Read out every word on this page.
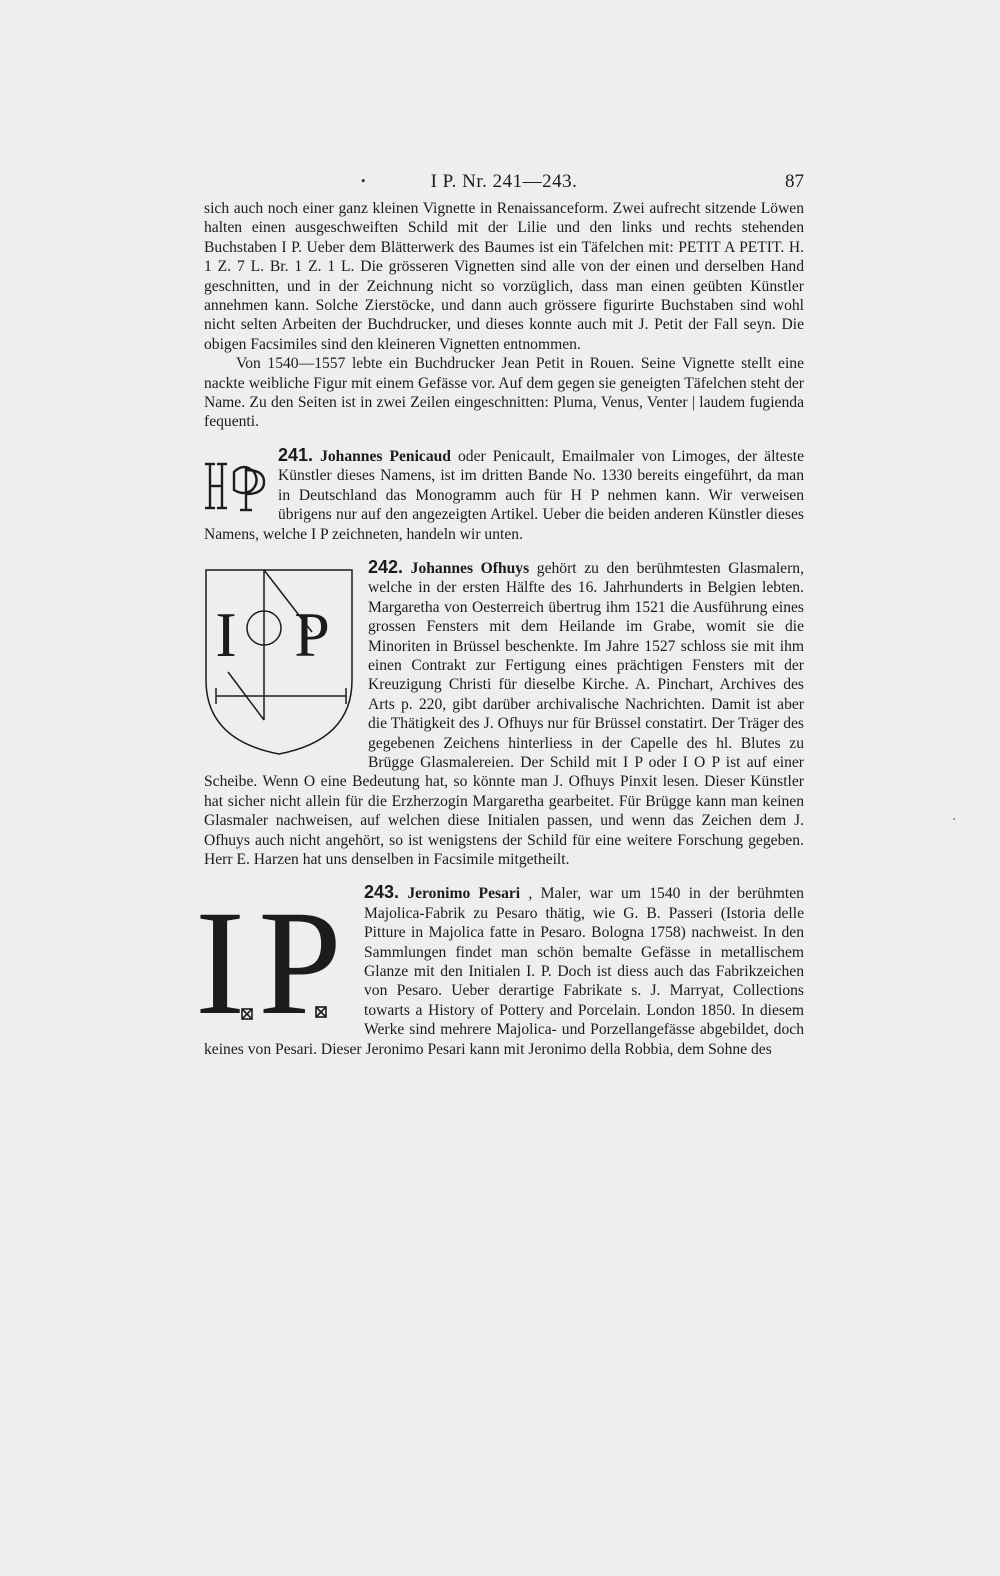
•	I P. Nr. 241—243.	87

sich auch noch einer ganz kleinen Vignette in Renaissanceform. Zwei aufrecht sitzende Löwen halten einen ausgeschweiften Schild mit der Lilie und den links und rechts stehenden Buchstaben I P. Ueber dem Blätterwerk des Baumes ist ein Täfelchen mit: PETIT A PETIT. H. 1 Z. 7 L. Br. 1 Z. 1 L. Die grösseren Vignetten sind alle von der einen und derselben Hand geschnitten, und in der Zeichnung nicht so vorzüglich, dass man einen geübten Künstler annehmen kann. Solche Zierstöcke, und dann auch grössere figurirte Buchstaben sind wohl nicht selten Arbeiten der Buchdrucker, und dieses konnte auch mit J. Petit der Fall seyn. Die obigen Facsimiles sind den kleineren Vignetten entnommen.

Von 1540—1557 lebte ein Buchdrucker Jean Petit in Rouen. Seine Vignette stellt eine nackte weibliche Figur mit einem Gefässe vor. Auf dem gegen sie geneigten Täfelchen steht der Name. Zu den Seiten ist in zwei Zeilen eingeschnitten: Pluma, Venus, Venter | laudem fugienda fequenti.

241. Johannes Penicaud oder Penicault, Emailmaler von Limoges, der älteste Künstler dieses Namens, ist im dritten Bande No. 1330 bereits eingeführt, da man in Deutschland das Monogramm auch für H P nehmen kann. Wir verweisen übrigens nur auf den angezeigten Artikel. Ueber die beiden anderen Künstler dieses Namens, welche I P zeichneten, handeln wir unten.

242. Johannes Ofhuys
I P
gehört zu den berühmtesten Glasmalern, welche in der ersten Hälfte des 16. Jahrhunderts in Belgien lebten. Margaretha von Oesterreich übertrug ihm 1521 die Ausführung eines grossen Fensters mit dem Heilande im Grabe, womit sie die Minoriten in Brüssel beschenkte. Im Jahre 1527 schloss sie mit ihm einen Contrakt zur Fertigung eines prächtigen Fensters mit der Kreuzigung Christi für dieselbe Kirche. A. Pinchart, Archives des Arts p. 220, gibt darüber archivalische Nachrichten. Damit ist aber die Thätigkeit des J. Ofhuys nur für Brüssel constatirt. Der Träger des gegebenen Zeichens hinterliess in der Capelle des hl. Blutes zu Brügge Glasmalereien. Der Schild mit I P oder I O P ist auf einer Scheibe. Wenn O eine Bedeutung hat, so könnte man J. Ofhuys Pinxit lesen. Dieser Künstler hat sicher nicht allein für die Erzherzogin Margaretha gearbeitet. Für Brügge kann man keinen Glasmaler nachweisen, auf welchen diese Initialen passen, und wenn das Zeichen dem J. Ofhuys auch nicht angehört, so ist wenigstens der Schild für eine weitere Forschung gegeben. Herr E. Harzen hat uns denselben in Facsimile mitgetheilt.

243. Jeronimo Pesari
I P	, Maler, war um 1540 in der berühmten Majolica-Fabrik zu Pesaro thätig, wie G. B. Passeri (Istoria delle Pitture in Majolica fatte in Pesaro. Bologna 1758) nachweist. In den Sammlungen findet man schön bemalte Gefässe in metallischem Glanze mit den Initialen I. P. Doch ist diess auch das Fabrikzeichen von Pesaro. Ueber derartige Fabrikate s. J. Marryat, Collections towarts a History of Pottery and Porcelain. London 1850. In diesem Werke sind mehrere Majolica- und Porzellangefässe abgebildet, doch keines von Pesari. Dieser Jeronimo Pesari kann mit Jeronimo della Robbia, dem Sohne des

·
